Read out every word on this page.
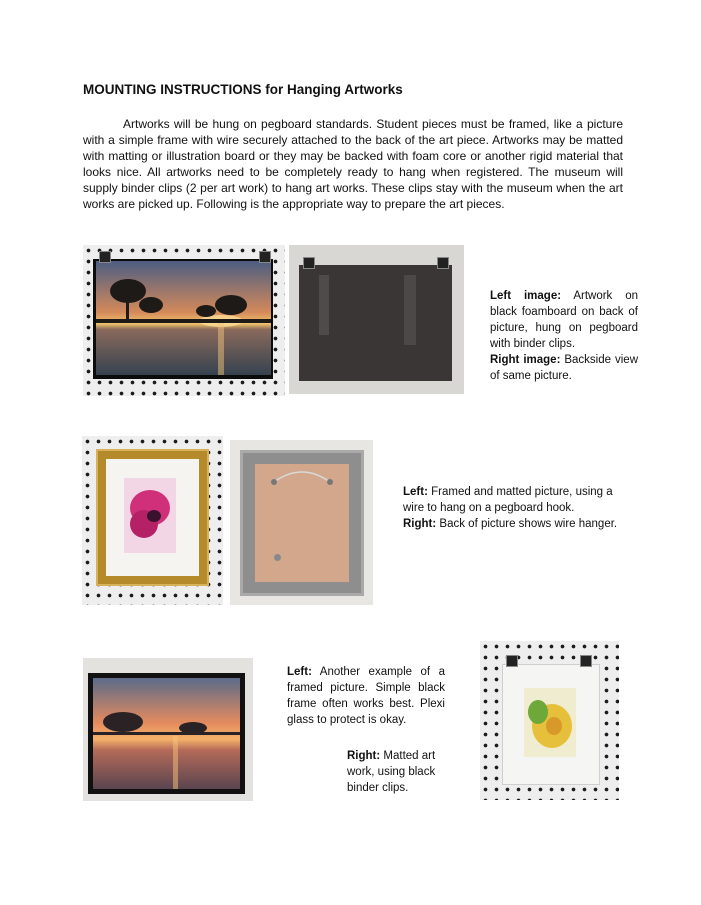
MOUNTING INSTRUCTIONS for Hanging Artworks

Artworks will be hung on pegboard standards. Student pieces must be framed, like a picture with a simple frame with wire securely attached to the back of the art piece. Artworks may be matted with matting or illustration board or they may be backed with foam core or another rigid material that looks nice. All artworks need to be completely ready to hang when registered. The museum will supply binder clips (2 per art work) to hang art works. These clips stay with the museum when the art works are picked up. Following is the appropriate way to prepare the art pieces.

Left image: Artwork on black foamboard on back of picture, hung on pegboard with binder clips.
Right image: Backside view of same picture.
Left: Framed and matted picture, using a wire to hang on a pegboard hook.
Right: Back of picture shows wire hanger.
Left: Another example of a framed picture. Simple black frame often works best. Plexi glass to protect is okay.
Right: Matted art work, using black binder clips.
